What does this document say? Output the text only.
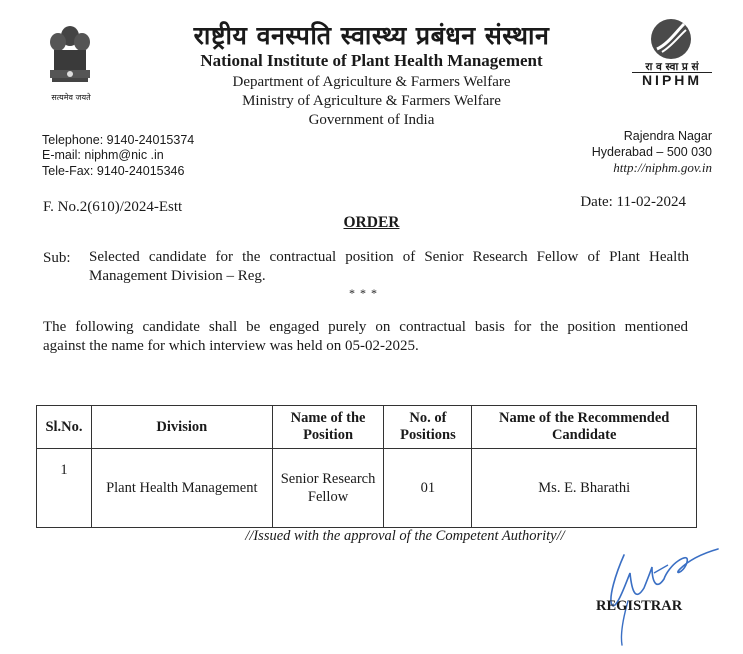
सत्यमेव जयते
राष्ट्रीय वनस्पति स्वास्थ्य प्रबंधन संस्थान
National Institute of Plant Health Management
Department of Agriculture & Farmers Welfare
Ministry of Agriculture & Farmers Welfare
Government of India
रा व स्वा प्र सं
NIPHM
Telephone: 9140-24015374
E-mail: niphm@nic .in
Tele-Fax: 9140-24015346
Rajendra Nagar
Hyderabad – 500 030
http://niphm.gov.in
F. No.2(610)/2024-Estt	Date: 11-02-2024
ORDER
Sub: Selected candidate for the contractual position of Senior Research Fellow of Plant Health
Management Division – Reg.
* * *
The following candidate shall be engaged purely on contractual basis for the position mentioned
against the name for which interview was held on 05-02-2025.
Sl.No.	Division	Name of the Position	No. of Positions	Name of the Recommended Candidate
1	Plant Health Management	Senior Research Fellow	01	Ms. E. Bharathi
//Issued with the approval of the Competent Authority//
REGISTRAR
